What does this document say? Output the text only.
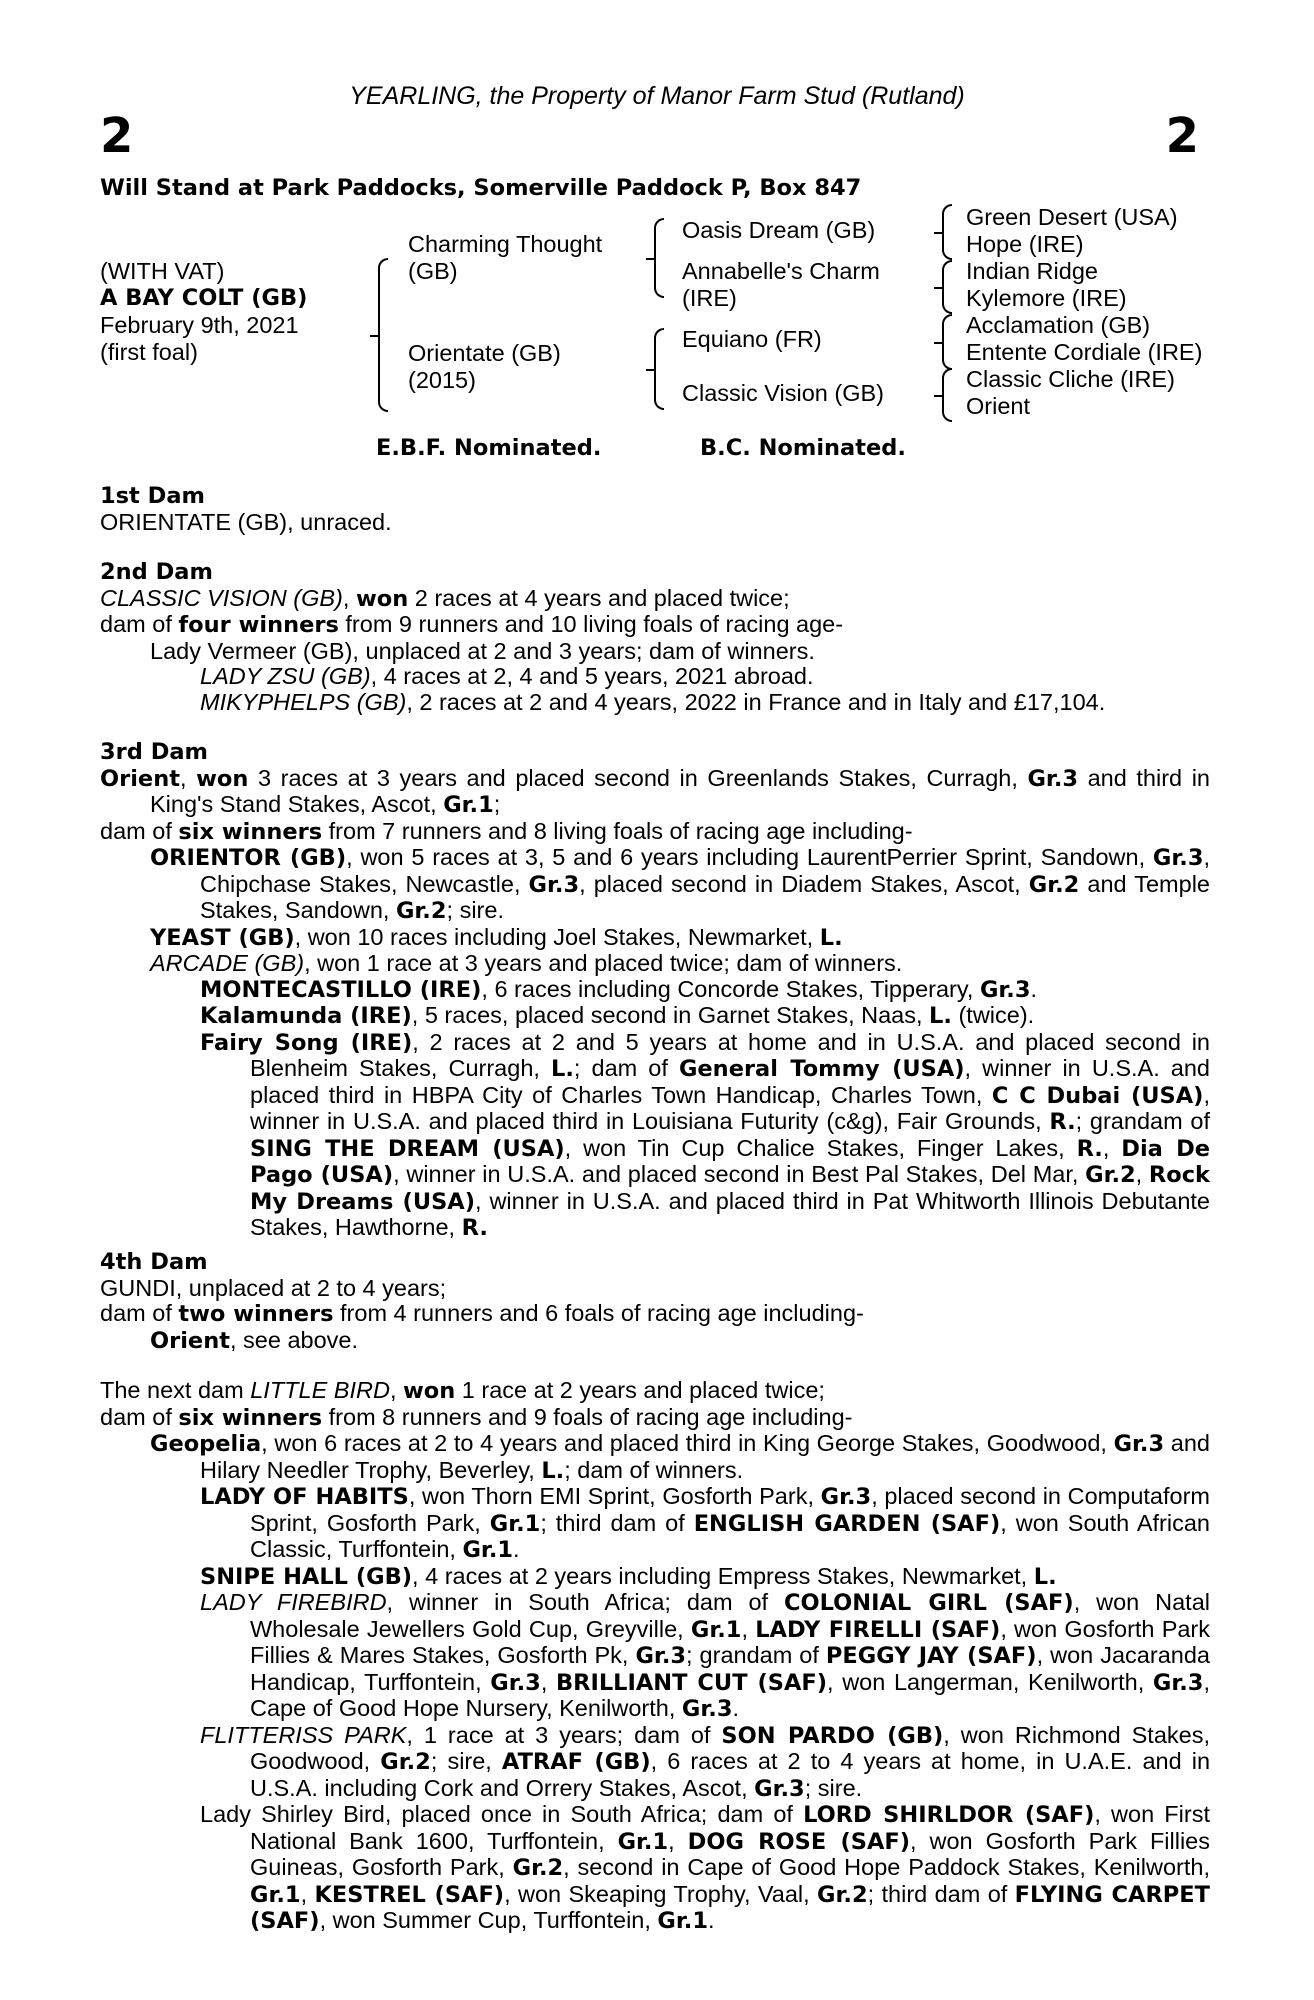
YEARLING, the Property of Manor Farm Stud (Rutland)
2	2
Will Stand at Park Paddocks, Somerville Paddock P, Box 847
(WITH VAT)
A BAY COLT (GB)
February 9th, 2021
(first foal)
Charming Thought (GB)
Orientate (GB) (2015)
Oasis Dream (GB)
Annabelle's Charm (IRE)
Equiano (FR)
Classic Vision (GB)
Green Desert (USA)
Hope (IRE)
Indian Ridge
Kylemore (IRE)
Acclamation (GB)
Entente Cordiale (IRE)
Classic Cliche (IRE)
Orient
E.B.F. Nominated.	B.C. Nominated.
1st Dam

ORIENTATE (GB), unraced.

2nd Dam

CLASSIC VISION (GB), won 2 races at 4 years and placed twice;

dam of four winners from 9 runners and 10 living foals of racing age-

Lady Vermeer (GB), unplaced at 2 and 3 years; dam of winners.

LADY ZSU (GB), 4 races at 2, 4 and 5 years, 2021 abroad.

MIKYPHELPS (GB), 2 races at 2 and 4 years, 2022 in France and in Italy and £17,104.

3rd Dam

Orient, won 3 races at 3 years and placed second in Greenlands Stakes, Curragh, Gr.3 and third in King's Stand Stakes, Ascot, Gr.1;

dam of six winners from 7 runners and 8 living foals of racing age including-

ORIENTOR (GB), won 5 races at 3, 5 and 6 years including LaurentPerrier Sprint, Sandown, Gr.3, Chipchase Stakes, Newcastle, Gr.3, placed second in Diadem Stakes, Ascot, Gr.2 and Temple Stakes, Sandown, Gr.2; sire.

YEAST (GB), won 10 races including Joel Stakes, Newmarket, L.

ARCADE (GB), won 1 race at 3 years and placed twice; dam of winners.

MONTECASTILLO (IRE), 6 races including Concorde Stakes, Tipperary, Gr.3.

Kalamunda (IRE), 5 races, placed second in Garnet Stakes, Naas, L. (twice).

Fairy Song (IRE), 2 races at 2 and 5 years at home and in U.S.A. and placed second in Blenheim Stakes, Curragh, L.; dam of General Tommy (USA), winner in U.S.A. and placed third in HBPA City of Charles Town Handicap, Charles Town, C C Dubai (USA), winner in U.S.A. and placed third in Louisiana Futurity (c&g), Fair Grounds, R.; grandam of SING THE DREAM (USA), won Tin Cup Chalice Stakes, Finger Lakes, R., Dia De Pago (USA), winner in U.S.A. and placed second in Best Pal Stakes, Del Mar, Gr.2, Rock My Dreams (USA), winner in U.S.A. and placed third in Pat Whitworth Illinois Debutante Stakes, Hawthorne, R.

4th Dam

GUNDI, unplaced at 2 to 4 years;

dam of two winners from 4 runners and 6 foals of racing age including-

Orient, see above.

The next dam LITTLE BIRD, won 1 race at 2 years and placed twice;

dam of six winners from 8 runners and 9 foals of racing age including-

Geopelia, won 6 races at 2 to 4 years and placed third in King George Stakes, Goodwood, Gr.3 and Hilary Needler Trophy, Beverley, L.; dam of winners.

LADY OF HABITS, won Thorn EMI Sprint, Gosforth Park, Gr.3, placed second in Computaform Sprint, Gosforth Park, Gr.1; third dam of ENGLISH GARDEN (SAF), won South African Classic, Turffontein, Gr.1.

SNIPE HALL (GB), 4 races at 2 years including Empress Stakes, Newmarket, L.

LADY FIREBIRD, winner in South Africa; dam of COLONIAL GIRL (SAF), won Natal Wholesale Jewellers Gold Cup, Greyville, Gr.1, LADY FIRELLI (SAF), won Gosforth Park Fillies & Mares Stakes, Gosforth Pk, Gr.3; grandam of PEGGY JAY (SAF), won Jacaranda Handicap, Turffontein, Gr.3, BRILLIANT CUT (SAF), won Langerman, Kenilworth, Gr.3, Cape of Good Hope Nursery, Kenilworth, Gr.3.

FLITTERISS PARK, 1 race at 3 years; dam of SON PARDO (GB), won Richmond Stakes, Goodwood, Gr.2; sire, ATRAF (GB), 6 races at 2 to 4 years at home, in U.A.E. and in U.S.A. including Cork and Orrery Stakes, Ascot, Gr.3; sire.

Lady Shirley Bird, placed once in South Africa; dam of LORD SHIRLDOR (SAF), won First National Bank 1600, Turffontein, Gr.1, DOG ROSE (SAF), won Gosforth Park Fillies Guineas, Gosforth Park, Gr.2, second in Cape of Good Hope Paddock Stakes, Kenilworth, Gr.1, KESTREL (SAF), won Skeaping Trophy, Vaal, Gr.2; third dam of FLYING CARPET (SAF), won Summer Cup, Turffontein, Gr.1.
